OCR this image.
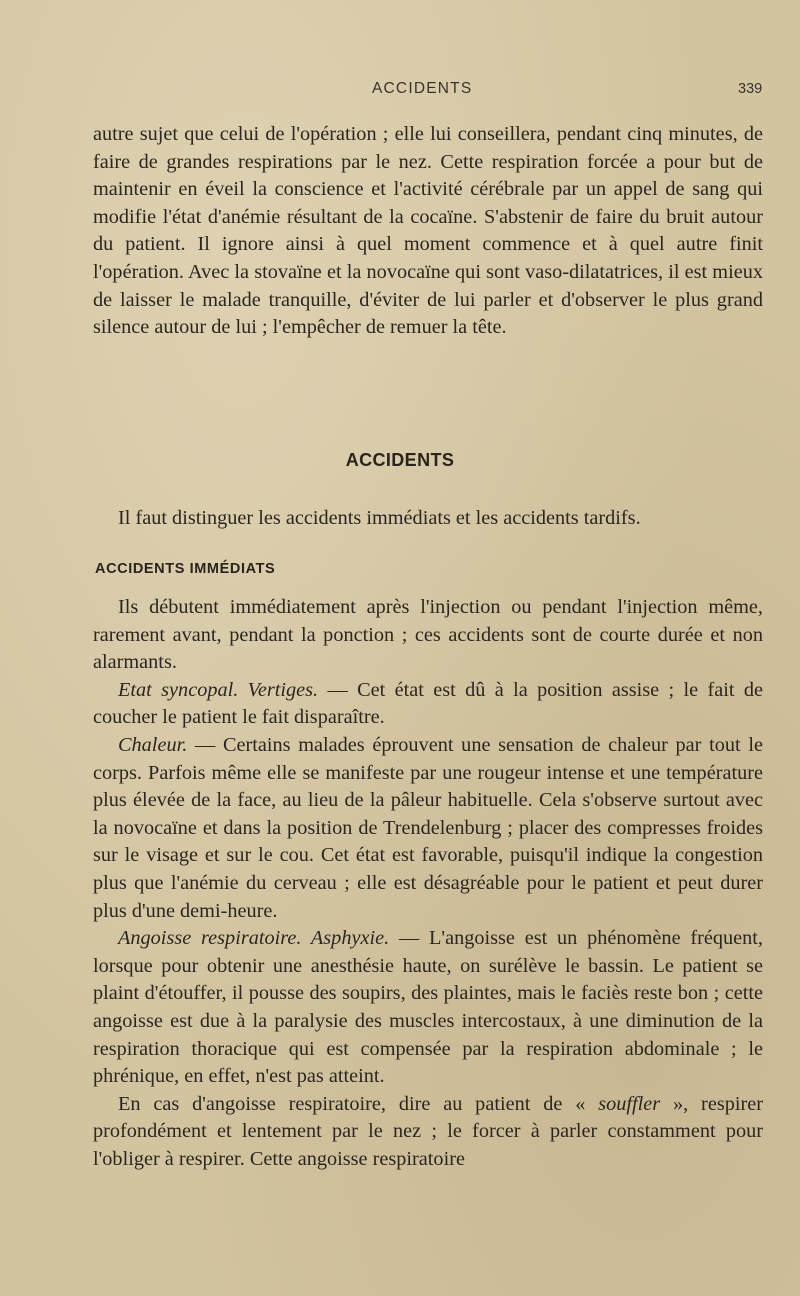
ACCIDENTS	339

autre sujet que celui de l'opération ; elle lui conseillera, pendant cinq minutes, de faire de grandes respirations par le nez. Cette respiration forcée a pour but de maintenir en éveil la conscience et l'activité cérébrale par un appel de sang qui modifie l'état d'anémie résultant de la cocaïne. S'abstenir de faire du bruit autour du patient. Il ignore ainsi à quel moment commence et à quel autre finit l'opération. Avec la stovaïne et la novocaïne qui sont vaso-dilatatrices, il est mieux de laisser le malade tranquille, d'éviter de lui parler et d'observer le plus grand silence autour de lui ; l'empêcher de remuer la tête.

ACCIDENTS
Il faut distinguer les accidents immédiats et les accidents tardifs.
ACCIDENTS IMMÉDIATS

Ils débutent immédiatement après l'injection ou pendant l'injection même, rarement avant, pendant la ponction ; ces accidents sont de courte durée et non alarmants.

Etat syncopal. Vertiges. — Cet état est dû à la position assise ; le fait de coucher le patient le fait disparaître.

Chaleur. — Certains malades éprouvent une sensation de chaleur par tout le corps. Parfois même elle se manifeste par une rougeur intense et une température plus élevée de la face, au lieu de la pâleur habituelle. Cela s'observe surtout avec la novocaïne et dans la position de Trendelenburg ; placer des compresses froides sur le visage et sur le cou. Cet état est favorable, puisqu'il indique la congestion plus que l'anémie du cerveau ; elle est désagréable pour le patient et peut durer plus d'une demi-heure.

Angoisse respiratoire. Asphyxie. — L'angoisse est un phénomène fréquent, lorsque pour obtenir une anesthésie haute, on surélève le bassin. Le patient se plaint d'étouffer, il pousse des soupirs, des plaintes, mais le faciès reste bon ; cette angoisse est due à la paralysie des muscles intercostaux, à une diminution de la respiration thoracique qui est compensée par la respiration abdominale ; le phrénique, en effet, n'est pas atteint.

En cas d'angoisse respiratoire, dire au patient de « souffler », respirer profondément et lentement par le nez ; le forcer à parler constamment pour l'obliger à respirer. Cette angoisse respiratoire
